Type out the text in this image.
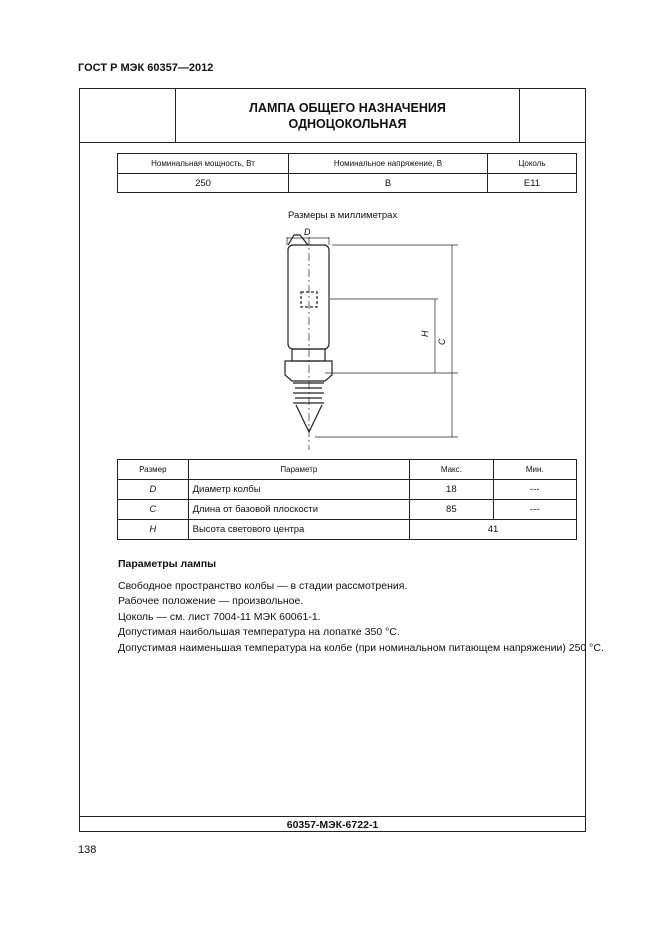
ГОСТ Р МЭК 60357—2012
ЛАМПА ОБЩЕГО НАЗНАЧЕНИЯ
ОДНОЦОКОЛЬНАЯ
Номинальная мощность, Вт	Номинальное напряжение, В	Цоколь
250	В	E11
Размеры в миллиметрах
D
H
C
Размер	Параметр	Макс.	Мин.
D	Диаметр колбы	18	---
C	Длина от базовой плоскости	85	---
H	Высота светового центра	41	
Параметры лампы
Свободное пространство колбы — в стадии рассмотрения.
Рабочее положение — произвольное.
Цоколь — см. лист 7004-11 МЭК 60061-1.
Допустимая наибольшая температура на лопатке 350 °С.
Допустимая наименьшая температура на колбе (при номинальном питающем напряжении) 250 °С.
60357-МЭК-6722-1
138
